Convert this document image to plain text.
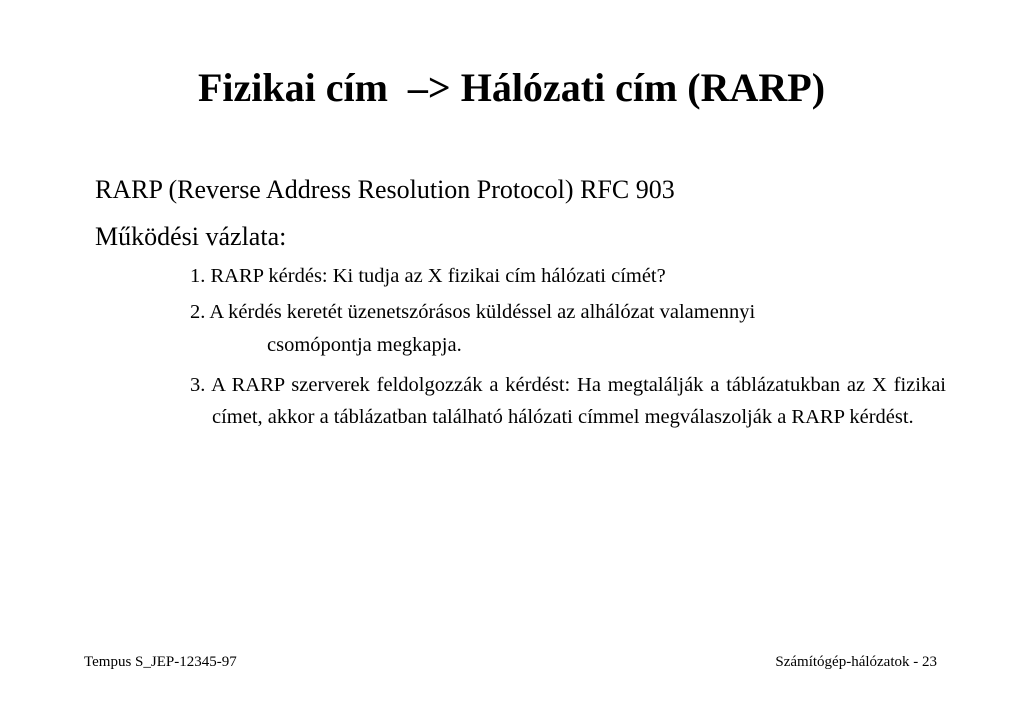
Fizikai cím  –> Hálózati cím (RARP)
RARP (Reverse Address Resolution Protocol) RFC 903
Működési vázlata:
1. RARP kérdés: Ki tudja az X fizikai cím hálózati címét?
2. A kérdés keretét üzenetszórásos küldéssel az alhálózat valamennyi
csomópontja megkapja.
3. A RARP szerverek feldolgozzák a kérdést: Ha megtalálják a táblázatukban az X fizikai címet, akkor a táblázatban található hálózati címmel megválaszolják a RARP kérdést.
Tempus S_JEP-12345-97	Számítógép-hálózatok - 23
